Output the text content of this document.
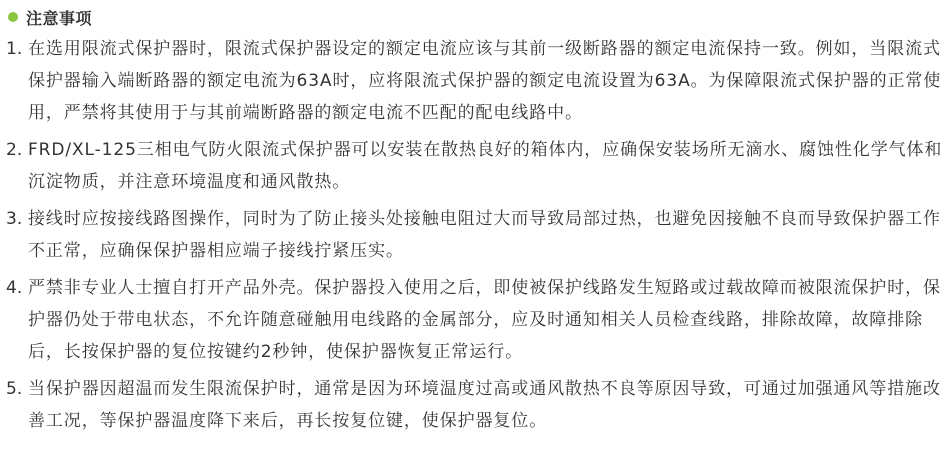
注意事项
1. 在选用限流式保护器时，限流式保护器设定的额定电流应该与其前一级断路器的额定电流保持一致。例如，当限流式保护器输入端断路器的额定电流为63A时，应将限流式保护器的额定电流设置为63A。为保障限流式保护器的正常使用，严禁将其使用于与其前端断路器的额定电流不匹配的配电线路中。
2. FRD/XL-125三相电气防火限流式保护器可以安装在散热良好的箱体内，应确保安装场所无滴水、腐蚀性化学气体和沉淀物质，并注意环境温度和通风散热。
3. 接线时应按接线路图操作，同时为了防止接头处接触电阻过大而导致局部过热，也避免因接触不良而导致保护器工作不正常，应确保保护器相应端子接线拧紧压实。
4. 严禁非专业人士擅自打开产品外壳。保护器投入使用之后，即使被保护线路发生短路或过载故障而被限流保护时，保护器仍处于带电状态，不允许随意碰触用电线路的金属部分，应及时通知相关人员检查线路，排除故障，故障排除后，长按保护器的复位按键约2秒钟，使保护器恢复正常运行。
5. 当保护器因超温而发生限流保护时，通常是因为环境温度过高或通风散热不良等原因导致，可通过加强通风等措施改善工况，等保护器温度降下来后，再长按复位键，使保护器复位。
